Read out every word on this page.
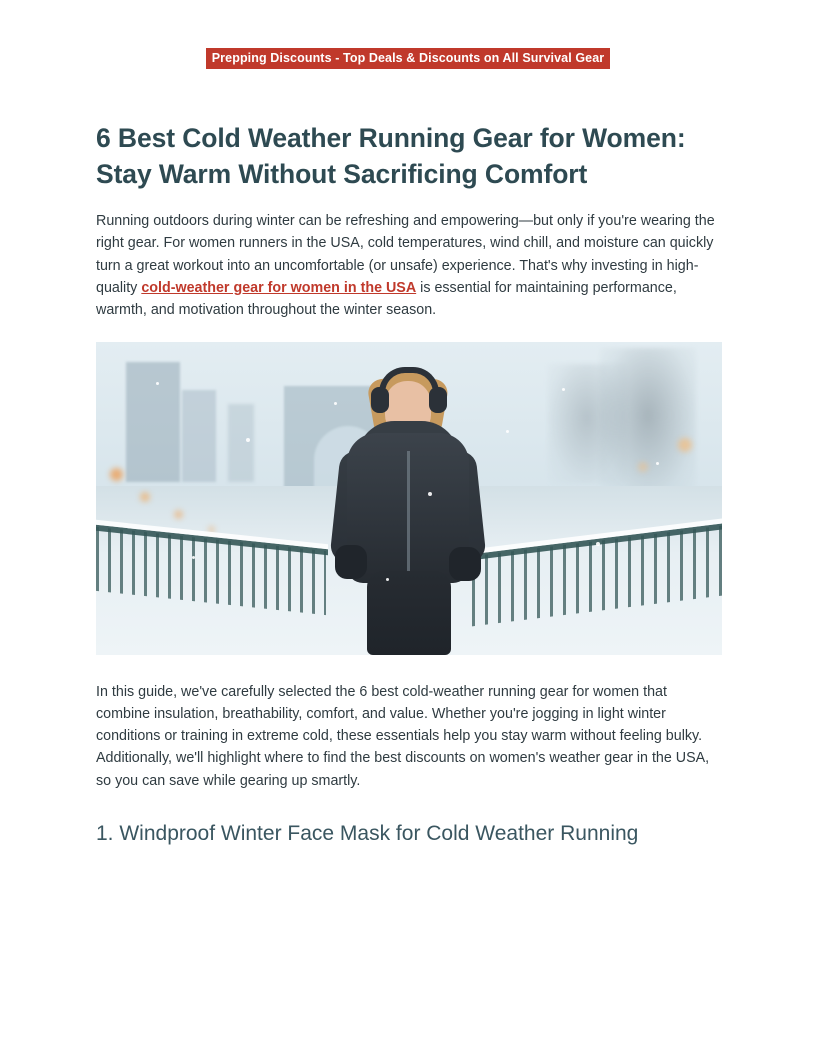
Prepping Discounts - Top Deals & Discounts on All Survival Gear
6 Best Cold Weather Running Gear for Women: Stay Warm Without Sacrificing Comfort

Running outdoors during winter can be refreshing and empowering—but only if you're wearing the right gear. For women runners in the USA, cold temperatures, wind chill, and moisture can quickly turn a great workout into an uncomfortable (or unsafe) experience. That's why investing in high-quality cold-weather gear for women in the USA is essential for maintaining performance, warmth, and motivation throughout the winter season.

In this guide, we've carefully selected the 6 best cold-weather running gear for women that combine insulation, breathability, comfort, and value. Whether you're jogging in light winter conditions or training in extreme cold, these essentials help you stay warm without feeling bulky. Additionally, we'll highlight where to find the best discounts on women's weather gear in the USA, so you can save while gearing up smartly.

1. Windproof Winter Face Mask for Cold Weather Running
